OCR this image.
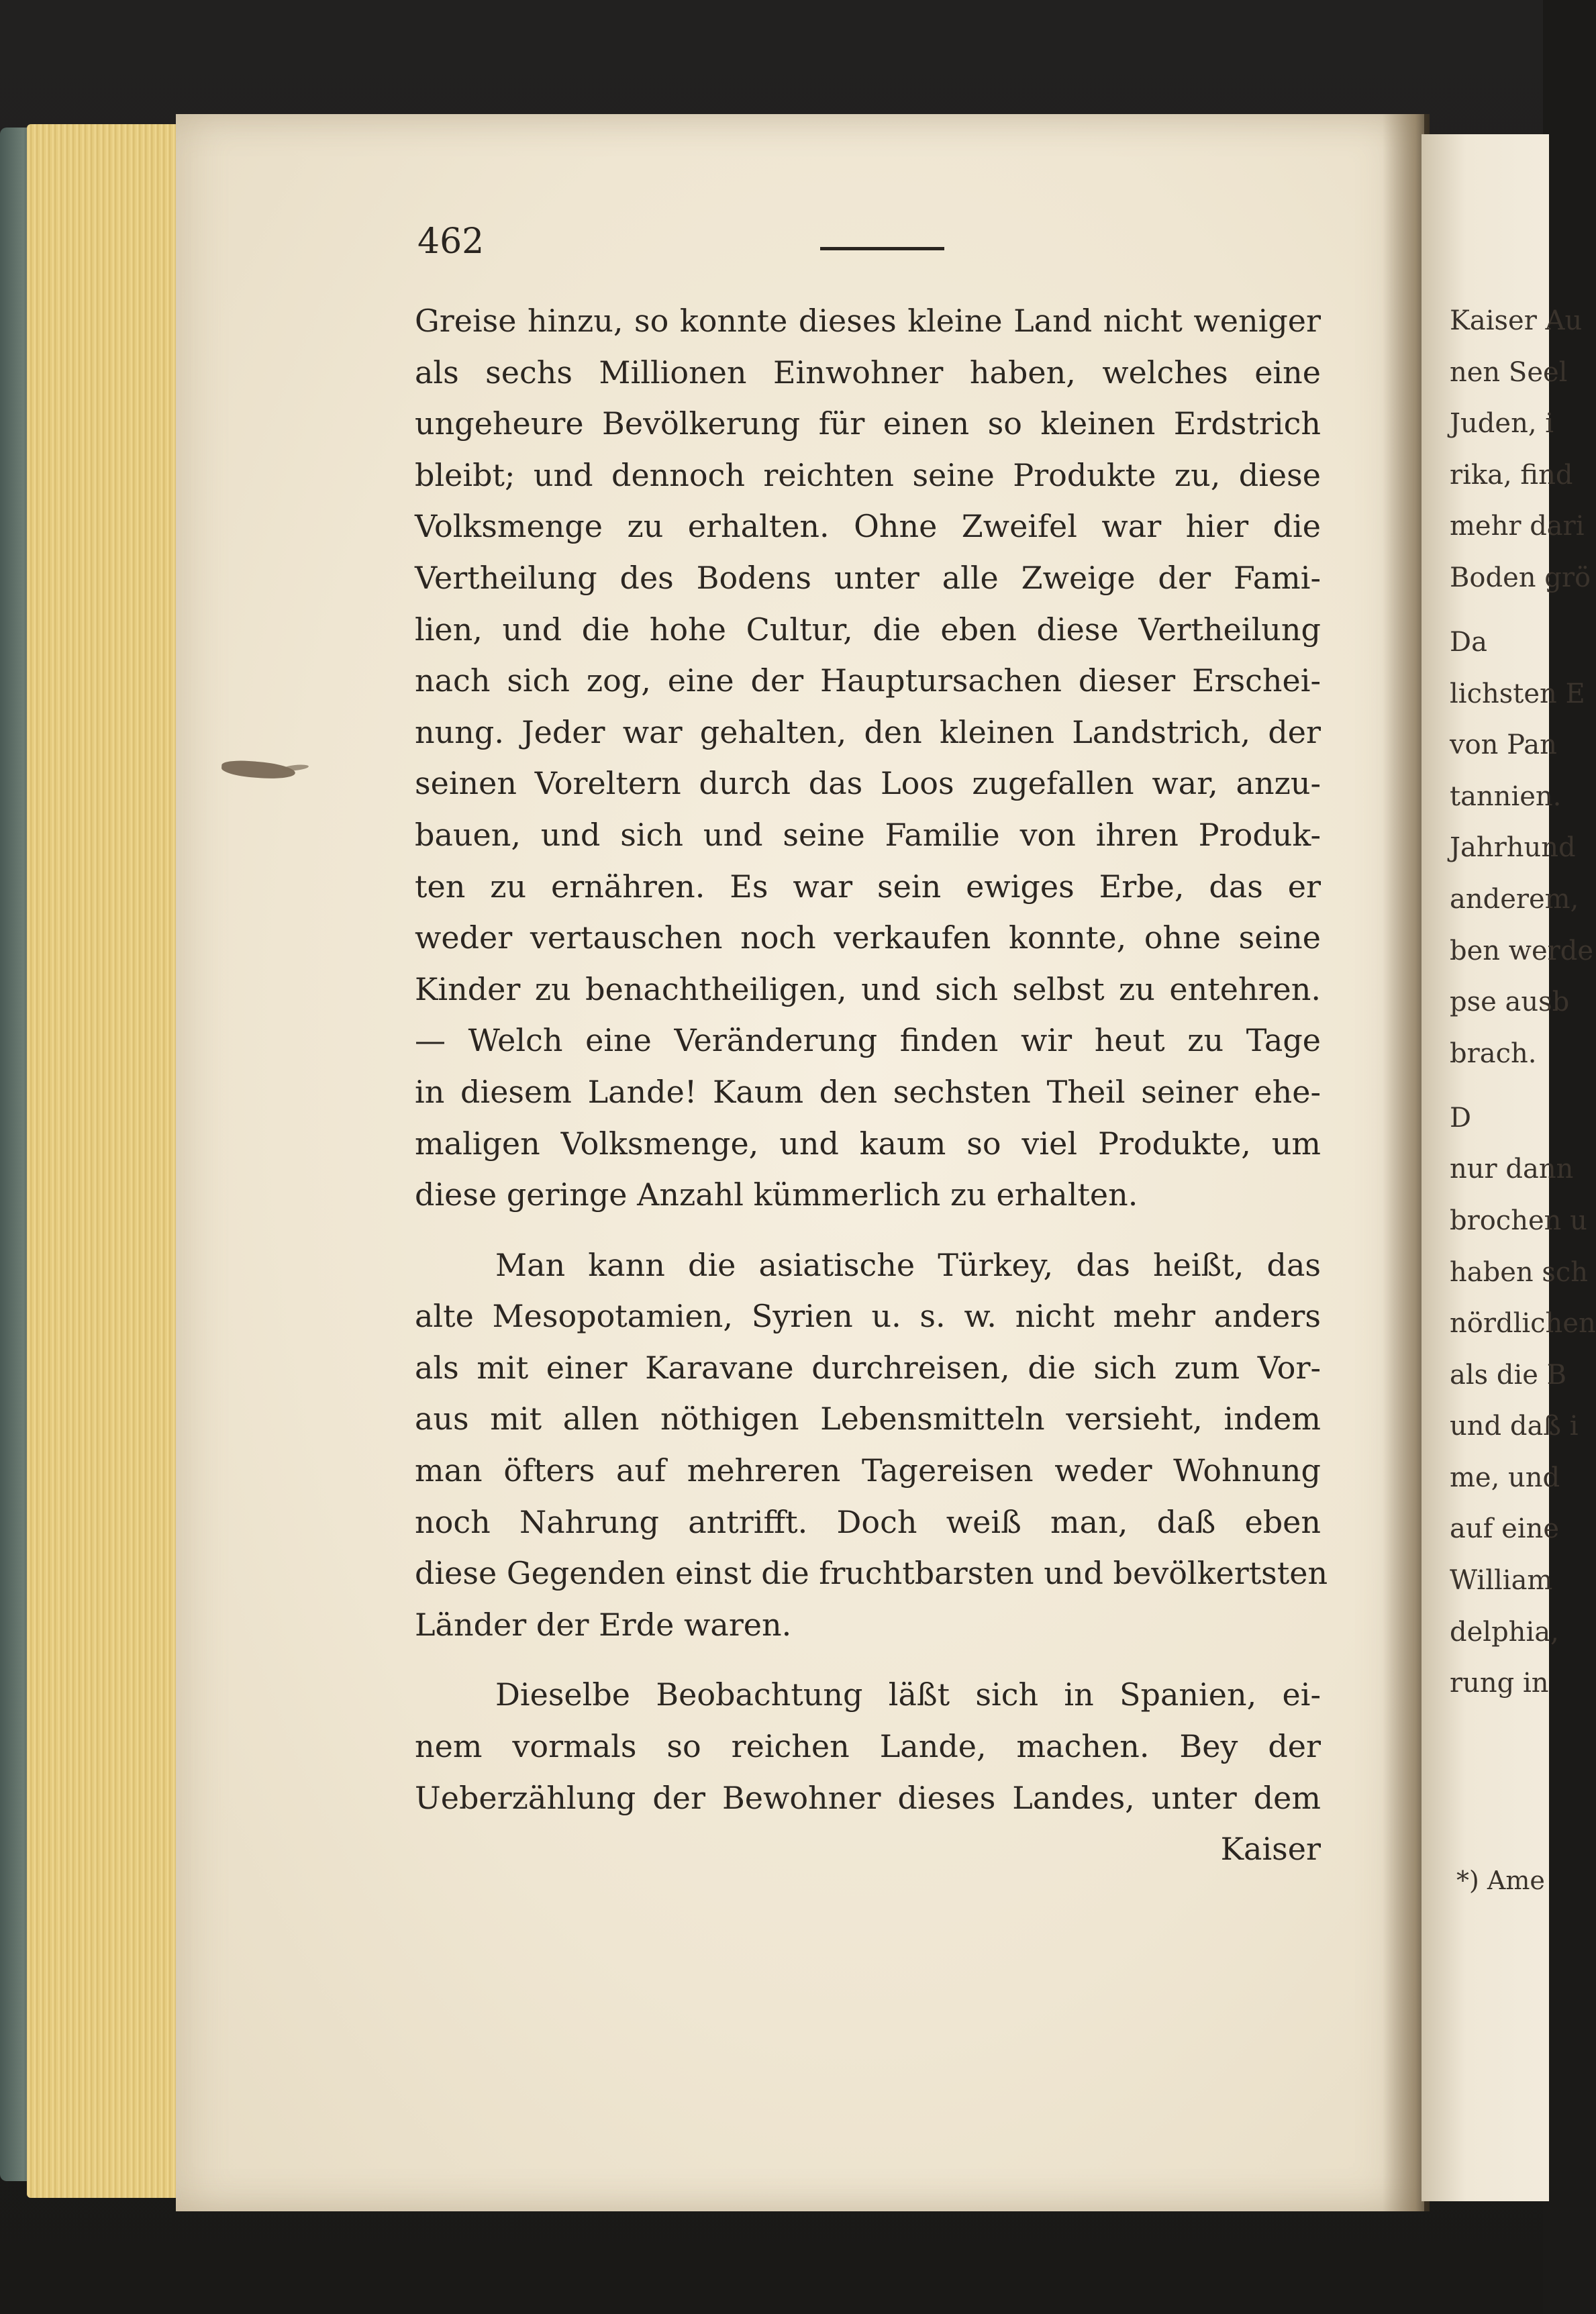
462
Greise hinzu, so konnte dieses kleine Land nicht weniger
als sechs Millionen Einwohner haben, welches eine
ungeheure Bevölkerung für einen so kleinen Erdstrich
bleibt; und dennoch reichten seine Produkte zu, diese
Volksmenge zu erhalten. Ohne Zweifel war hier die
Vertheilung des Bodens unter alle Zweige der Fami-
lien, und die hohe Cultur, die eben diese Vertheilung
nach sich zog, eine der Hauptursachen dieser Erschei-
nung. Jeder war gehalten, den kleinen Landstrich, der
seinen Voreltern durch das Loos zugefallen war, anzu-
bauen, und sich und seine Familie von ihren Produk-
ten zu ernähren. Es war sein ewiges Erbe, das er
weder vertauschen noch verkaufen konnte, ohne seine
Kinder zu benachtheiligen, und sich selbst zu entehren.
— Welch eine Veränderung finden wir heut zu Tage
in diesem Lande! Kaum den sechsten Theil seiner ehe-
maligen Volksmenge, und kaum so viel Produkte, um
diese geringe Anzahl kümmerlich zu erhalten.
Man kann die asiatische Türkey, das heißt, das
alte Mesopotamien, Syrien u. s. w. nicht mehr anders
als mit einer Karavane durchreisen, die sich zum Vor-
aus mit allen nöthigen Lebensmitteln versieht, indem
man öfters auf mehreren Tagereisen weder Wohnung
noch Nahrung antrifft. Doch weiß man, daß eben
diese Gegenden einst die fruchtbarsten und bevölkertsten
Länder der Erde waren.
Dieselbe Beobachtung läßt sich in Spanien, ei-
nem vormals so reichen Lande, machen. Bey der
Ueberzählung der Bewohner dieses Landes, unter dem
Kaiser
Kaiser Au
nen Seel
Juden, i
rika, find
mehr dari
Boden grö
Da
lichsten E
von Pan
tannien.
Jahrhund
anderem,
ben werde
pse ausb
brach.
D
nur dann
brochen u
haben sch
nördlichen
als die B
und daß i
me, und
auf eine
William
delphia,
rung in
*) Ame
